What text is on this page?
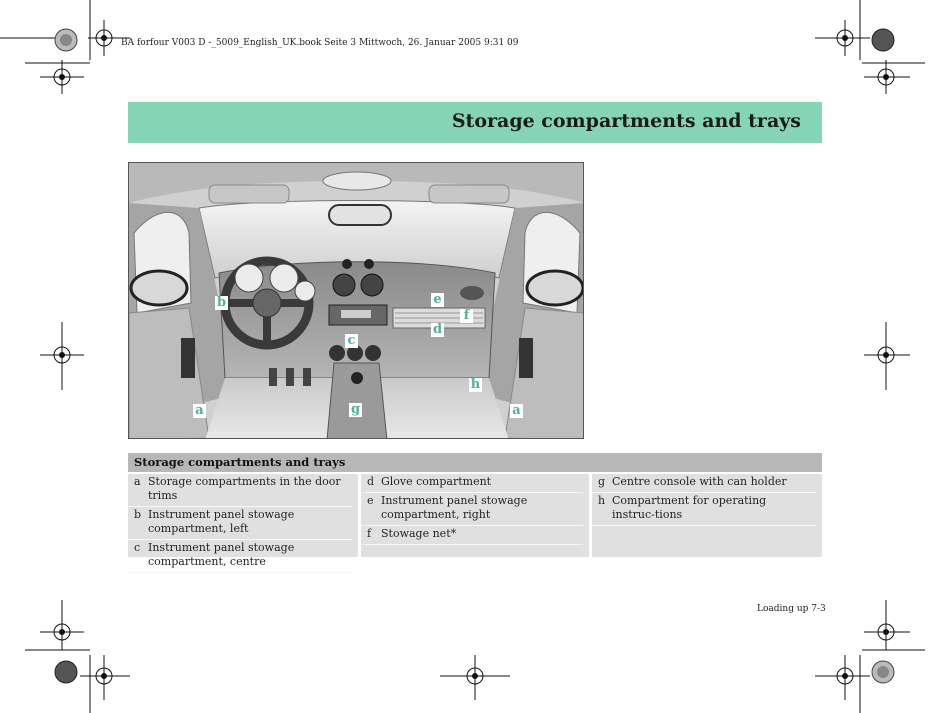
BA forfour V003 D -_5009_English_UK.book Seite 3 Mittwoch, 26. Januar 2005 9:31 09
Storage compartments and trays
a
b
c
d
e
f
g
h
a
Storage compartments and trays
a Storage compartments in the door trims
b Instrument panel stowage compartment, left
c Instrument panel stowage compartment, centre
d Glove compartment
e Instrument panel stowage compartment, right
f Stowage net*
g Centre console with can holder
h Compartment for operating instruc-tions
Loading up 7-3
